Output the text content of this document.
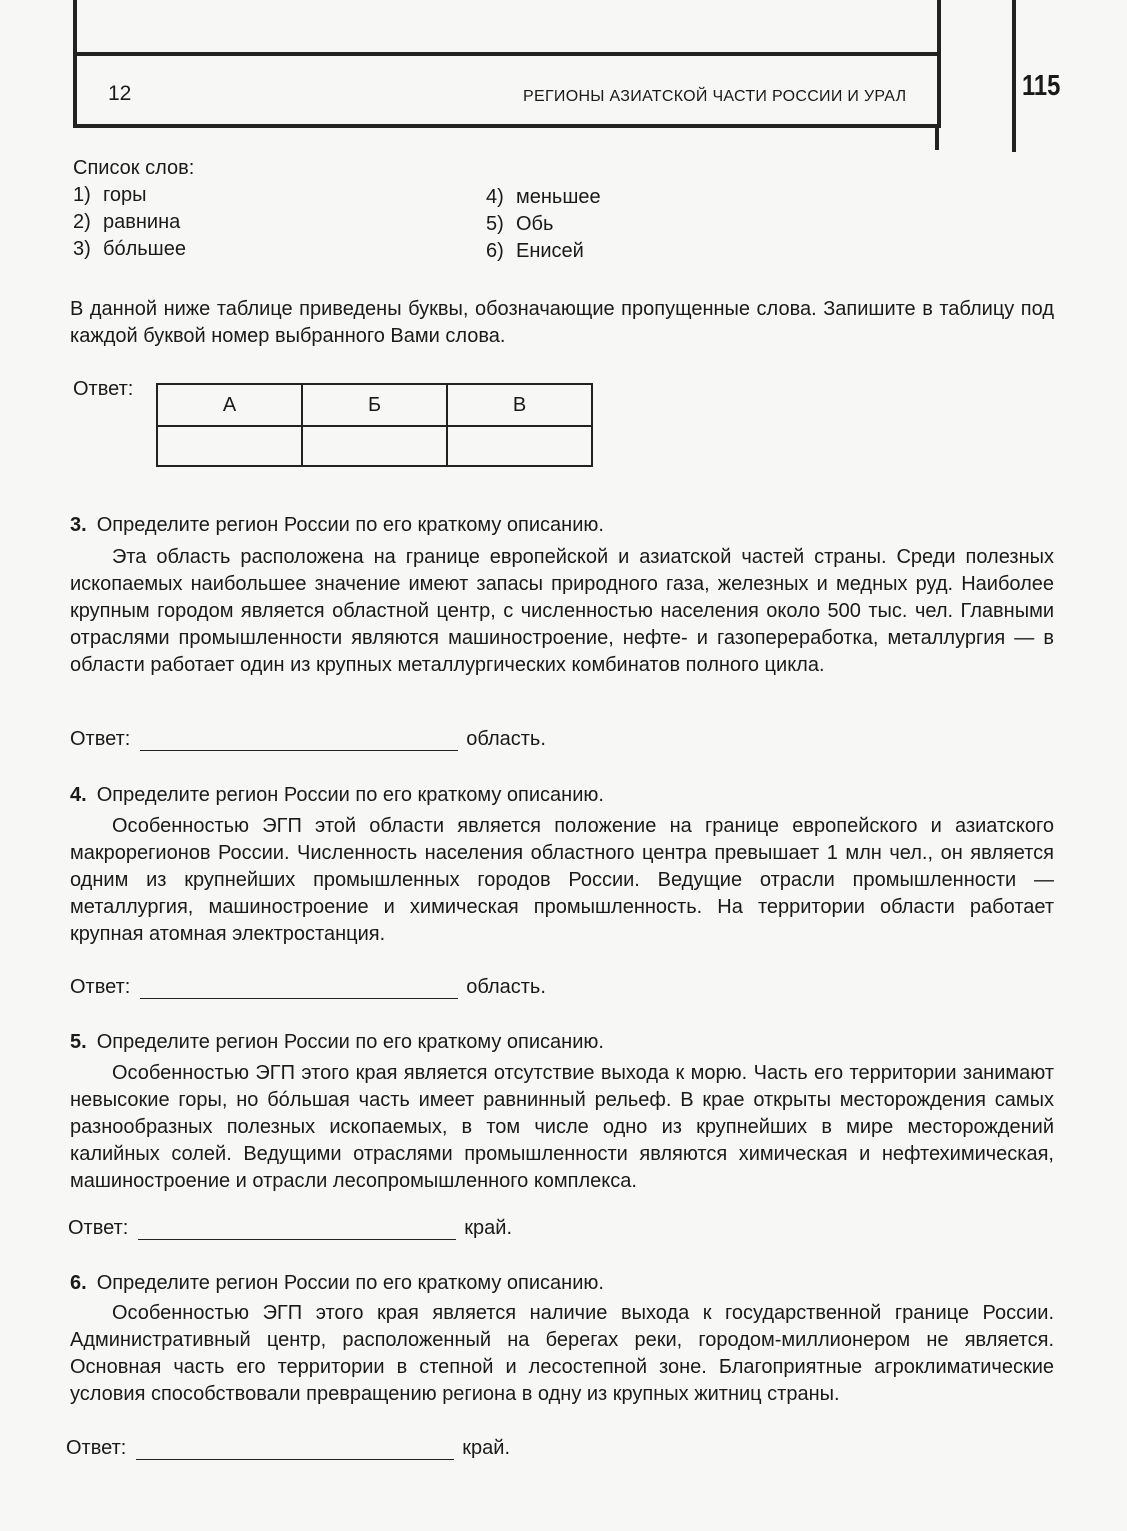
12	РЕГИОНЫ АЗИАТСКОЙ ЧАСТИ РОССИИ И УРАЛ	115
Список слов:
1) горы
2) равнина
3) бóльшее
4) меньшее
5) Обь
6) Енисей

В данной ниже таблице приведены буквы, обозначающие пропущенные слова. Запишите в таблицу под каждой буквой номер выбранного Вами слова.

Ответ:
А	Б	В

3. Определите регион России по его краткому описанию.

Эта область расположена на границе европейской и азиатской частей страны. Среди полезных ископаемых наибольшее значение имеют запасы природного газа, железных и медных руд. Наиболее крупным городом является областной центр, с численностью населения около 500 тыс. чел. Главными отраслями промышленности являются машиностроение, нефте- и газопереработка, металлургия — в области работает один из крупных металлургических комбинатов полного цикла.

Ответ:	область.
4. Определите регион России по его краткому описанию.

Особенностью ЭГП этой области является положение на границе европейского и азиатского макрорегионов России. Численность населения областного центра превышает 1 млн чел., он является одним из крупнейших промышленных городов России. Ведущие отрасли промышленности — металлургия, машиностроение и химическая промышленность. На территории области работает крупная атомная электростанция.

Ответ:	область.
5. Определите регион России по его краткому описанию.

Особенностью ЭГП этого края является отсутствие выхода к морю. Часть его территории занимают невысокие горы, но бóльшая часть имеет равнинный рельеф. В крае открыты месторождения самых разнообразных полезных ископаемых, в том числе одно из крупнейших в мире месторождений калийных солей. Ведущими отраслями промышленности являются химическая и нефтехимическая, машиностроение и отрасли лесопромышленного комплекса.

Ответ:	край.
6. Определите регион России по его краткому описанию.

Особенностью ЭГП этого края является наличие выхода к государственной границе России. Административный центр, расположенный на берегах реки, городом-миллионером не является. Основная часть его территории в степной и лесостепной зоне. Благоприятные агроклиматические условия способствовали превращению региона в одну из крупных житниц страны.

Ответ:	край.
